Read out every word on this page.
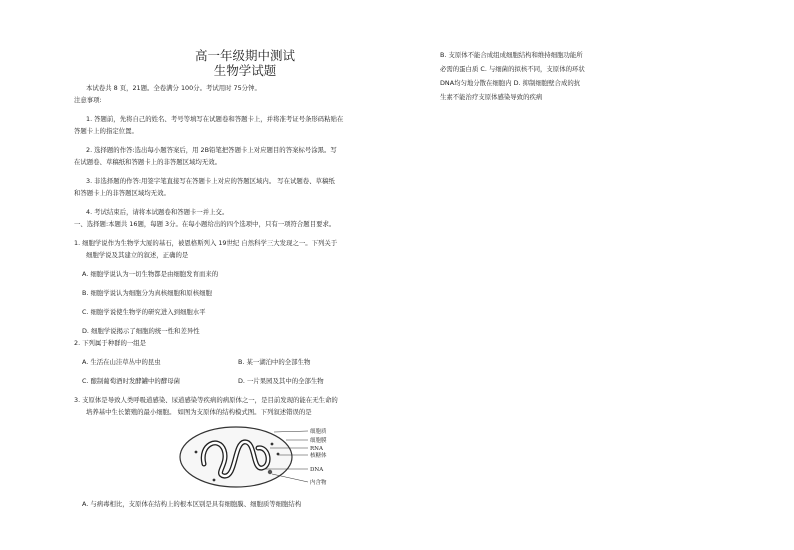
高一年级期中测试
生物学试题
本试卷共 8 页，21题。全卷满分 100分。考试用时 75分钟。
注意事项:
1. 答题前，先将自己的姓名、考号等填写在试题卷和答题卡上，并将准考证号条形码粘贴在
答题卡上的指定位置。
2. 选择题的作答:选出每小题答案后，用 2B铅笔把答题卡上对应题目的答案标号涂黑。写
在试题卷、草稿纸和答题卡上的非答题区域均无效。
3. 非选择题的作答:用签字笔直接写在答题卡上对应的答题区域内。 写在试题卷、草稿纸
和答题卡上的非答题区域均无效。
4. 考试结束后，请将本试题卷和答题卡一并上交。
一、选择题:本题共 16题，每题 3分。在每小题给出的四个选项中，只有一项符合题目要求。
1. 细胞学说作为生物学大厦的基石，被恩格斯列入 19世纪 自然科学三大发现之一。下列关于
细胞学说及其建立的叙述，正确的是
A. 细胞学说认为一切生物都是由细胞发育而来的
B. 细胞学说认为细胞分为真核细胞和原核细胞
C. 细胞学说使生物学的研究进入到细胞水平
D. 细胞学说揭示了细胞的统一性和差异性
2. 下列属于种群的一组是
A. 生活在山洼草丛中的昆虫	B. 某一湖泊中的全部生物
C. 酿制葡萄酒时发酵罐中的酵母菌	D. 一片果园及其中的全部生物
3. 支原体是导致人类呼吸道感染、尿道感染等疾病的病原体之一，是目前发现的能在无生命的
培养基中生长繁殖的最小细胞。 如图为支原体的结构模式图。下列叙述错误的是
细胞质
细胞膜
RNA
核糖体
DNA
内含物
A. 与病毒相比，支原体在结构上的根本区别是具有细胞膜、细胞质等细胞结构
B. 支原体不能合成组成细胞结构和维持细胞功能所
必需的蛋白质 C. 与细菌的拟核不同，支原体的环状
DNA均匀地分散在细胞内 D. 抑制细胞壁合成的抗
生素不能治疗支原体感染导致的疾病
